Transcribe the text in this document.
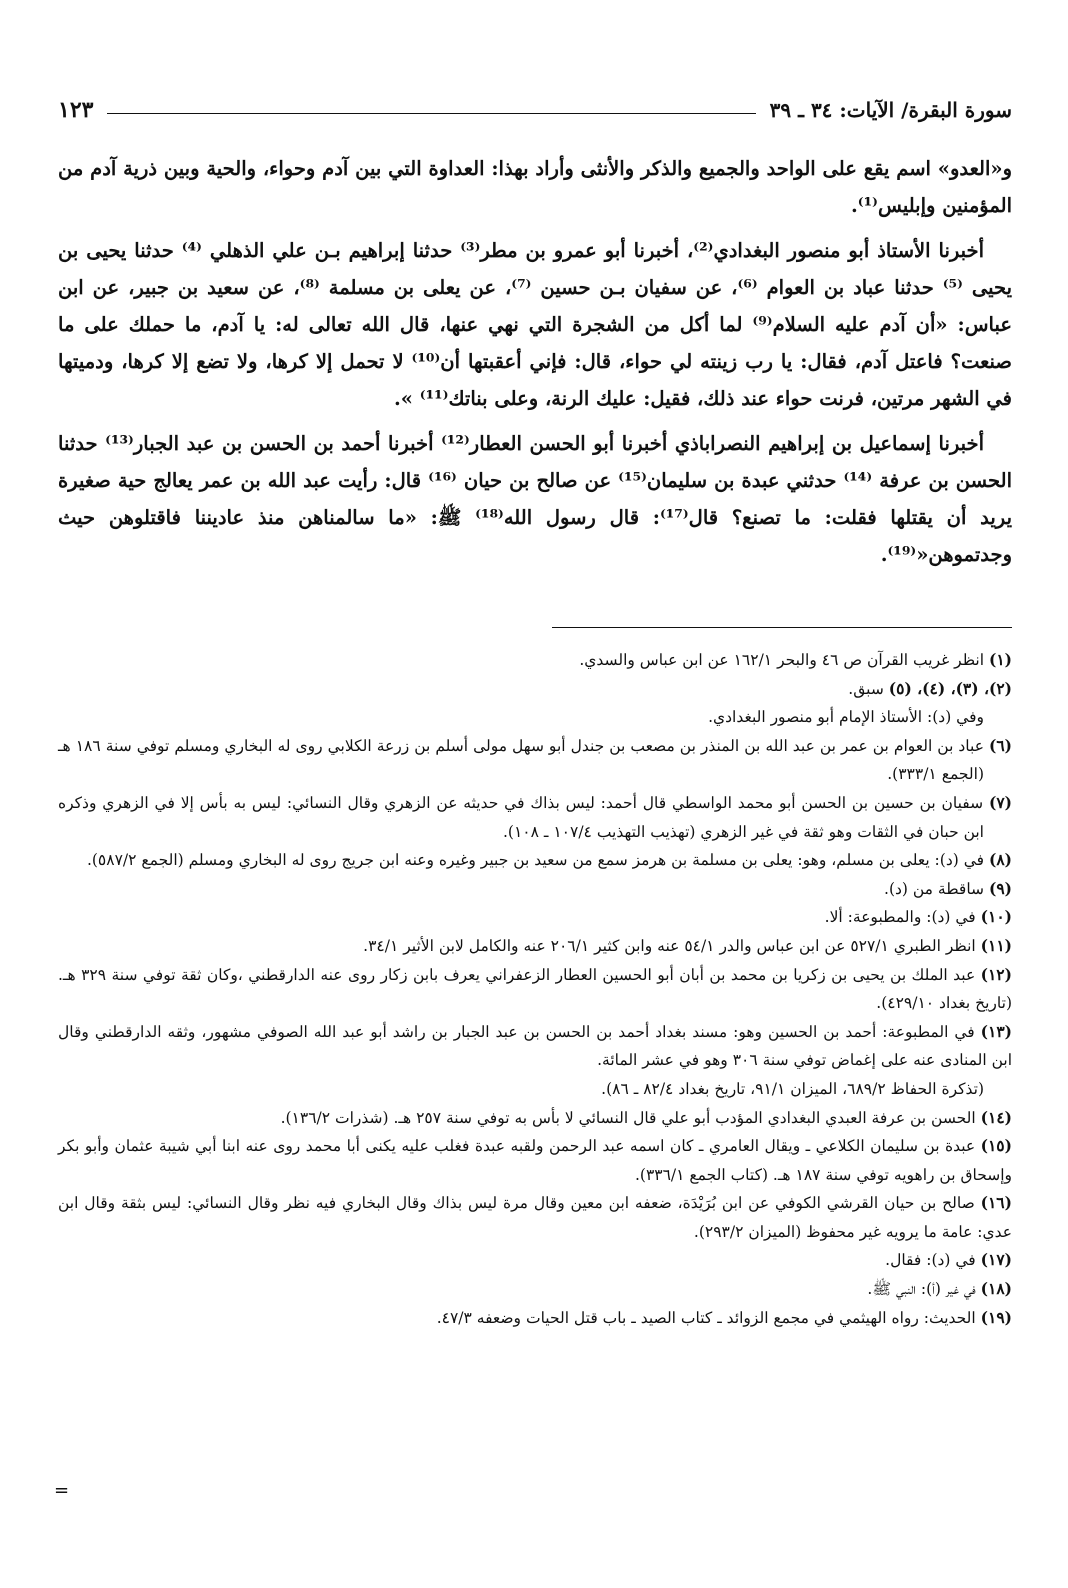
سورة البقرة/ الآيات: ٣٤ ـ ٣٩
١٢٣

و«العدو» اسم يقع على الواحد والجميع والذكر والأنثى وأراد بهذا: العداوة التي بين آدم وحواء، والحية وبين ذرية آدم من المؤمنين وإبليس⁽¹⁾.

أخبرنا الأستاذ أبو منصور البغدادي⁽²⁾، أخبرنا أبو عمرو بن مطر⁽³⁾ حدثنا إبراهيم بـن علي الذهلي ⁽⁴⁾ حدثنا يحيى بن يحيى ⁽⁵⁾ حدثنا عباد بن العوام ⁽⁶⁾، عن سفيان بـن حسين ⁽⁷⁾، عن يعلى بن مسلمة ⁽⁸⁾، عن سعيد بن جبير، عن ابن عباس: «أن آدم عليه السلام⁽⁹⁾ لما أكل من الشجرة التي نهي عنها، قال الله تعالى له: يا آدم، ما حملك على ما صنعت؟ فاعتل آدم، فقال: يا رب زينته لي حواء، قال: فإني أعقبتها أن⁽¹⁰⁾ لا تحمل إلا كرها، ولا تضع إلا كرها، ودميتها في الشهر مرتين، فرنت حواء عند ذلك، فقيل: عليك الرنة، وعلى بناتك⁽¹¹⁾ ».

أخبرنا إسماعيل بن إبراهيم النصراباذي أخبرنا أبو الحسن العطار⁽¹²⁾ أخبرنا أحمد بن الحسن بن عبد الجبار⁽¹³⁾ حدثنا الحسن بن عرفة ⁽¹⁴⁾ حدثني عبدة بن سليمان⁽¹⁵⁾ عن صالح بن حيان ⁽¹⁶⁾ قال: رأيت عبد الله بن عمر يعالج حية صغيرة يريد أن يقتلها فقلت: ما تصنع؟ قال⁽¹⁷⁾: قال رسول الله⁽¹⁸⁾ ﷺ: «ما سالمناهن منذ عاديننا فاقتلوهن حيث وجدتموهن«⁽¹⁹⁾.

(١) انظر غريب القرآن ص ٤٦ والبحر ١٦٢/١ عن ابن عباس والسدي.

(٢)، (٣)، (٤)، (٥) سبق.

وفي (د): الأستاذ الإمام أبو منصور البغدادي.

(٦) عباد بن العوام بن عمر بن عبد الله بن المنذر بن مصعب بن جندل أبو سهل مولى أسلم بن زرعة الكلابي روى له البخاري ومسلم توفي سنة ١٨٦ هـ (الجمع ٣٣٣/١).

(٧) سفيان بن حسين بن الحسن أبو محمد الواسطي قال أحمد: ليس بذاك في حديثه عن الزهري وقال النسائي: ليس به بأس إلا في الزهري وذكره ابن حبان في الثقات وهو ثقة في غير الزهري (تهذيب التهذيب ١٠٧/٤ ـ ١٠٨).

(٨) في (د): يعلى بن مسلم، وهو: يعلى بن مسلمة بن هرمز سمع من سعيد بن جبير وغيره وعنه ابن جريج روى له البخاري ومسلم (الجمع ٥٨٧/٢).

(٩) ساقطة من (د).

(١٠) في (د): والمطبوعة: ألا.

(١١) انظر الطبري ٥٢٧/١ عن ابن عباس والدر ٥٤/١ عنه وابن كثير ٢٠٦/١ عنه والكامل لابن الأثير ٣٤/١.

(١٢) عبد الملك بن يحيى بن زكريا بن محمد بن أبان أبو الحسين العطار الزعفراني يعرف بابن زكار روى عنه الدارقطني ،وكان ثقة توفي سنة ٣٢٩ هـ. (تاريخ بغداد ٤٢٩/١٠).

(١٣) في المطبوعة: أحمد بن الحسين وهو: مسند بغداد أحمد بن الحسن بن عبد الجبار بن راشد أبو عبد الله الصوفي مشهور، وثقه الدارقطني وقال ابن المنادى عنه على إغماض توفي سنة ٣٠٦ وهو في عشر المائة.

(تذكرة الحفاظ ٦٨٩/٢، الميزان ٩١/١، تاريخ بغداد ٨٢/٤ ـ ٨٦).

(١٤) الحسن بن عرفة العبدي البغدادي المؤدب أبو علي قال النسائي لا بأس به توفي سنة ٢٥٧ هـ. (شذرات ١٣٦/٢).

(١٥) عبدة بن سليمان الكلاعي ـ ويقال العامري ـ كان اسمه عبد الرحمن ولقبه عبدة فغلب عليه يكنى أبا محمد روى عنه ابنا أبي شيبة عثمان وأبو بكر وإسحاق بن راهويه توفي سنة ١٨٧ هـ. (كتاب الجمع ٣٣٦/١).

(١٦) صالح بن حيان القرشي الكوفي عن ابن بُرَيْدَة، ضعفه ابن معين وقال مرة ليس بذاك وقال البخاري فيه نظر وقال النسائي: ليس بثقة وقال ابن عدي: عامة ما يرويه غير محفوظ (الميزان ٢٩٣/٢).

(١٧) في (د): فقال.

(١٨) في غير (أ): النبي ﷺ.

(١٩) الحديث: رواه الهيثمي في مجمع الزوائد ـ كتاب الصيد ـ باب قتل الحيات وضعفه ٤٧/٣.

=
